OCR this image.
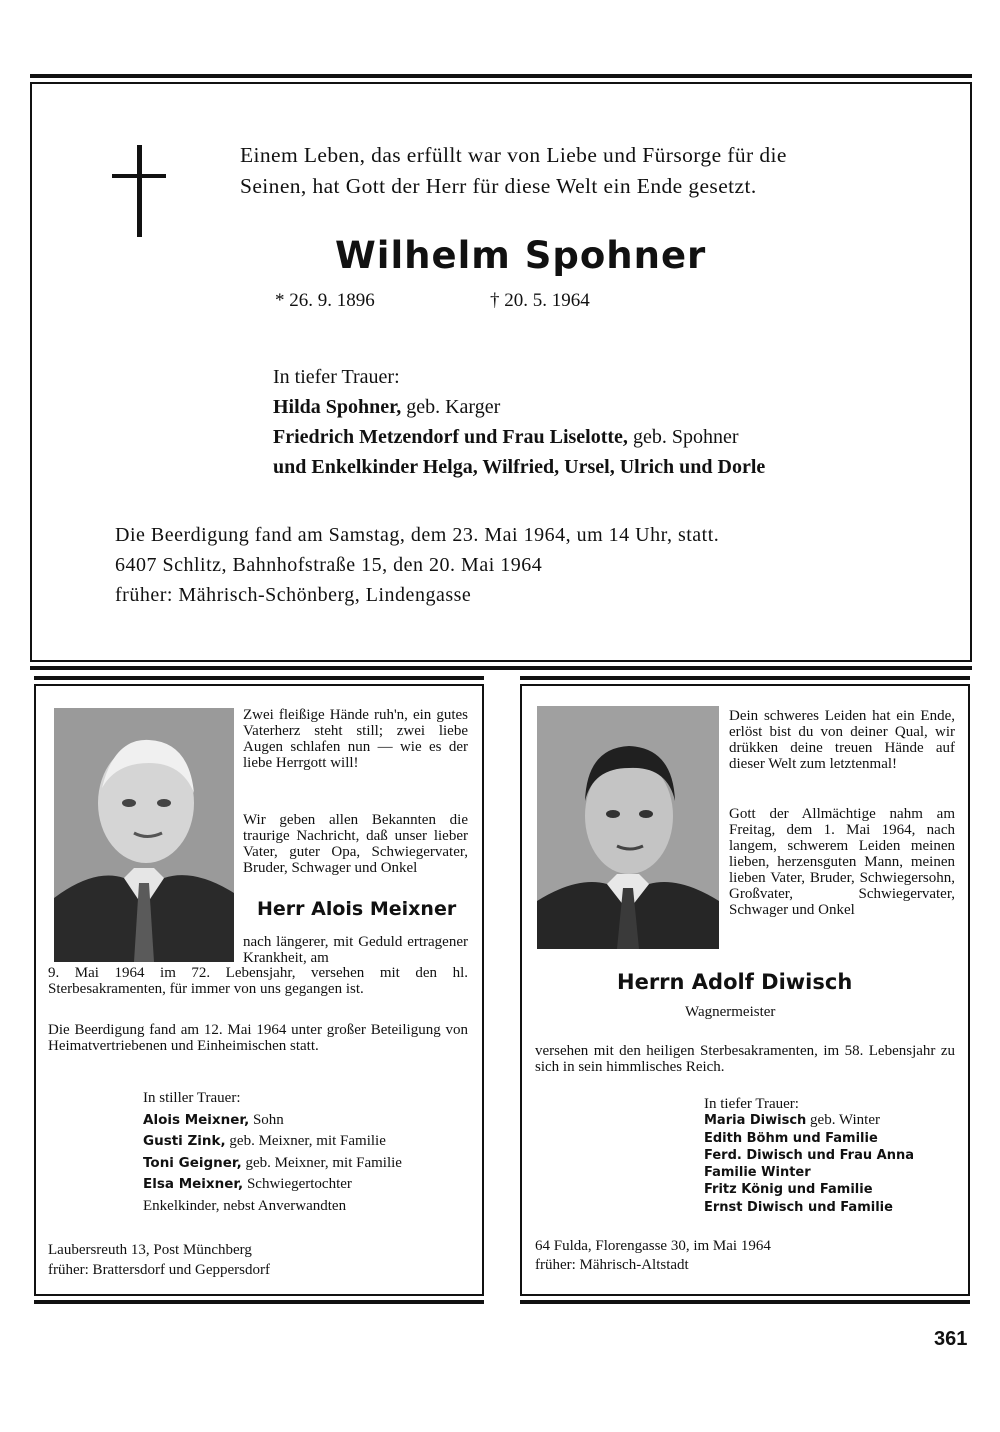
Einem Leben, das erfüllt war von Liebe und Fürsorge für die
Seinen, hat Gott der Herr für diese Welt ein Ende gesetzt.
Wilhelm Spohner
* 26. 9. 1896	† 20. 5. 1964
In tiefer Trauer:
Hilda Spohner, geb. Karger
Friedrich Metzendorf und Frau Liselotte, geb. Spohner
und Enkelkinder Helga, Wilfried, Ursel, Ulrich und Dorle
Die Beerdigung fand am Samstag, dem 23. Mai 1964, um 14 Uhr, statt.
6407 Schlitz, Bahnhofstraße 15, den 20. Mai 1964
früher: Mährisch-Schönberg, Lindengasse
Zwei fleißige Hände ruh'n, ein gutes Vaterherz steht still; zwei liebe Augen schlafen nun — wie es der liebe Herrgott will!
Wir geben allen Bekannten die traurige Nachricht, daß unser lieber Vater, guter Opa, Schwiegervater, Bruder, Schwager und Onkel
Herr Alois Meixner
nach längerer, mit Geduld ertragener Krankheit, am
9. Mai 1964 im 72. Lebensjahr, versehen mit den hl. Sterbesakramenten, für immer von uns gegangen ist.
Die Beerdigung fand am 12. Mai 1964 unter großer Beteiligung von Heimatvertriebenen und Einheimischen statt.
In stiller Trauer:
Alois Meixner, Sohn
Gusti Zink, geb. Meixner, mit Familie
Toni Geigner, geb. Meixner, mit Familie
Elsa Meixner, Schwiegertochter
Enkelkinder, nebst Anverwandten
Laubersreuth 13, Post Münchberg
früher: Brattersdorf und Geppersdorf
Dein schweres Leiden hat ein Ende, erlöst bist du von deiner Qual, wir drükken deine treuen Hände auf dieser Welt zum letztenmal!
Gott der Allmächtige nahm am Freitag, dem 1. Mai 1964, nach langem, schwerem Leiden meinen lieben, herzensguten Mann, meinen lieben Vater, Bruder, Schwiegersohn, Großvater, Schwiegervater, Schwager und Onkel
Herrn Adolf Diwisch
Wagnermeister
versehen mit den heiligen Sterbesakramenten, im 58. Lebensjahr zu sich in sein himmlisches Reich.
In tiefer Trauer:
Maria Diwisch geb. Winter
Edith Böhm und Familie
Ferd. Diwisch und Frau Anna
Familie Winter
Fritz König und Familie
Ernst Diwisch und Familie
64 Fulda, Florengasse 30, im Mai 1964
früher: Mährisch-Altstadt
361
